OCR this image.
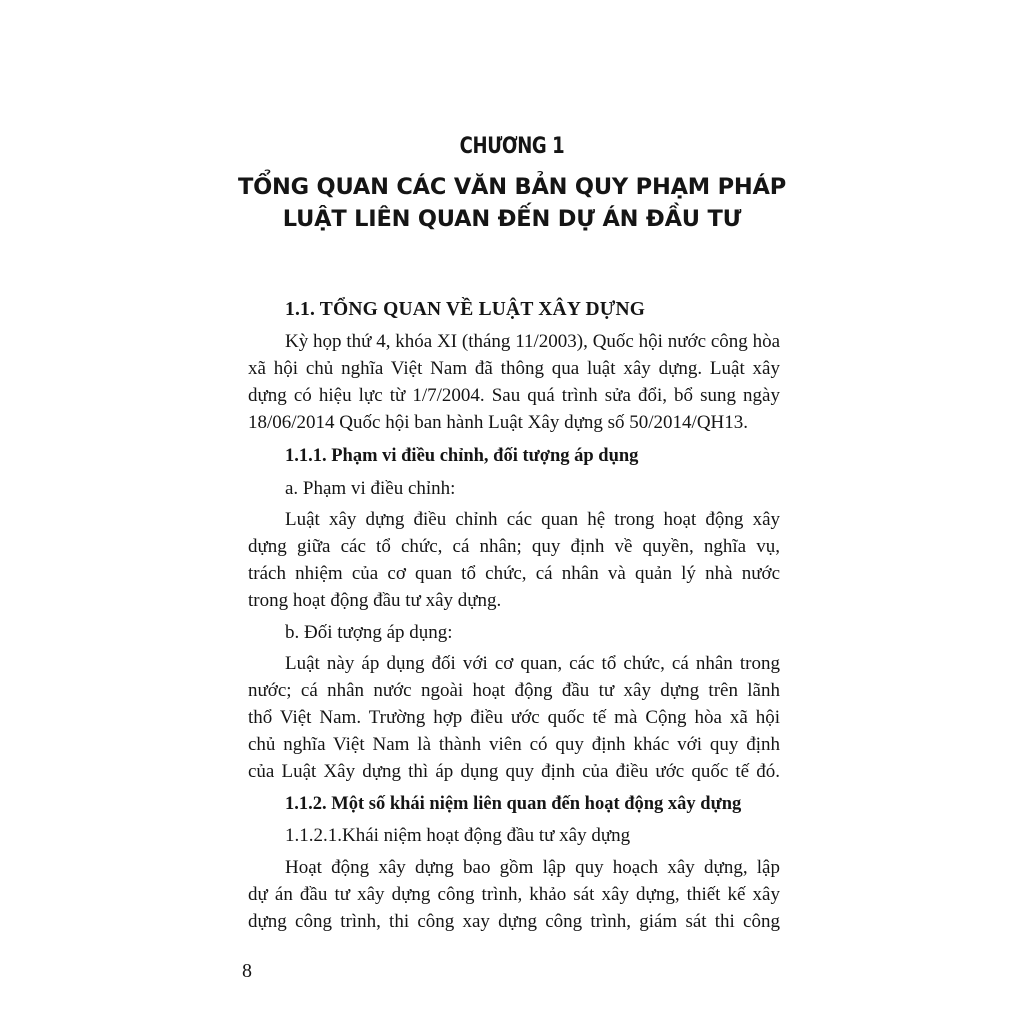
CHƯƠNG 1
TỔNG QUAN CÁC VĂN BẢN QUY PHẠM PHÁP
LUẬT LIÊN QUAN ĐẾN DỰ ÁN ĐẦU TƯ
1.1. TỔNG QUAN VỀ LUẬT XÂY DỰNG
Kỳ họp thứ 4, khóa XI (tháng 11/2003), Quốc hội nước công hòa
xã hội chủ nghĩa Việt Nam đã thông qua luật xây dựng. Luật xây
dựng có hiệu lực từ 1/7/2004. Sau quá trình sửa đổi, bổ sung ngày
18/06/2014 Quốc hội ban hành Luật Xây dựng số 50/2014/QH13.
1.1.1. Phạm vi điều chỉnh, đối tượng áp dụng
a. Phạm vi điều chỉnh:
Luật xây dựng điều chỉnh các quan hệ trong hoạt động xây
dựng giữa các tổ chức, cá nhân; quy định về quyền, nghĩa vụ,
trách nhiệm của cơ quan tổ chức, cá nhân và quản lý nhà nước
trong hoạt động đầu tư xây dựng.
b. Đối tượng áp dụng:
Luật này áp dụng đối với cơ quan, các tổ chức, cá nhân trong
nước; cá nhân nước ngoài hoạt động đầu tư xây dựng trên lãnh
thổ Việt Nam. Trường hợp điều ước quốc tế mà Cộng hòa xã hội
chủ nghĩa Việt Nam là thành viên có quy định khác với quy định
của Luật Xây dựng thì áp dụng quy định của điều ước quốc tế đó.
1.1.2. Một số khái niệm liên quan đến hoạt động xây dựng
1.1.2.1.Khái niệm hoạt động đầu tư xây dựng
Hoạt động xây dựng bao gồm lập quy hoạch xây dựng, lập
dự án đầu tư xây dựng công trình, khảo sát xây dựng, thiết kế xây
dựng công trình, thi công xay dựng công trình, giám sát thi công
8
